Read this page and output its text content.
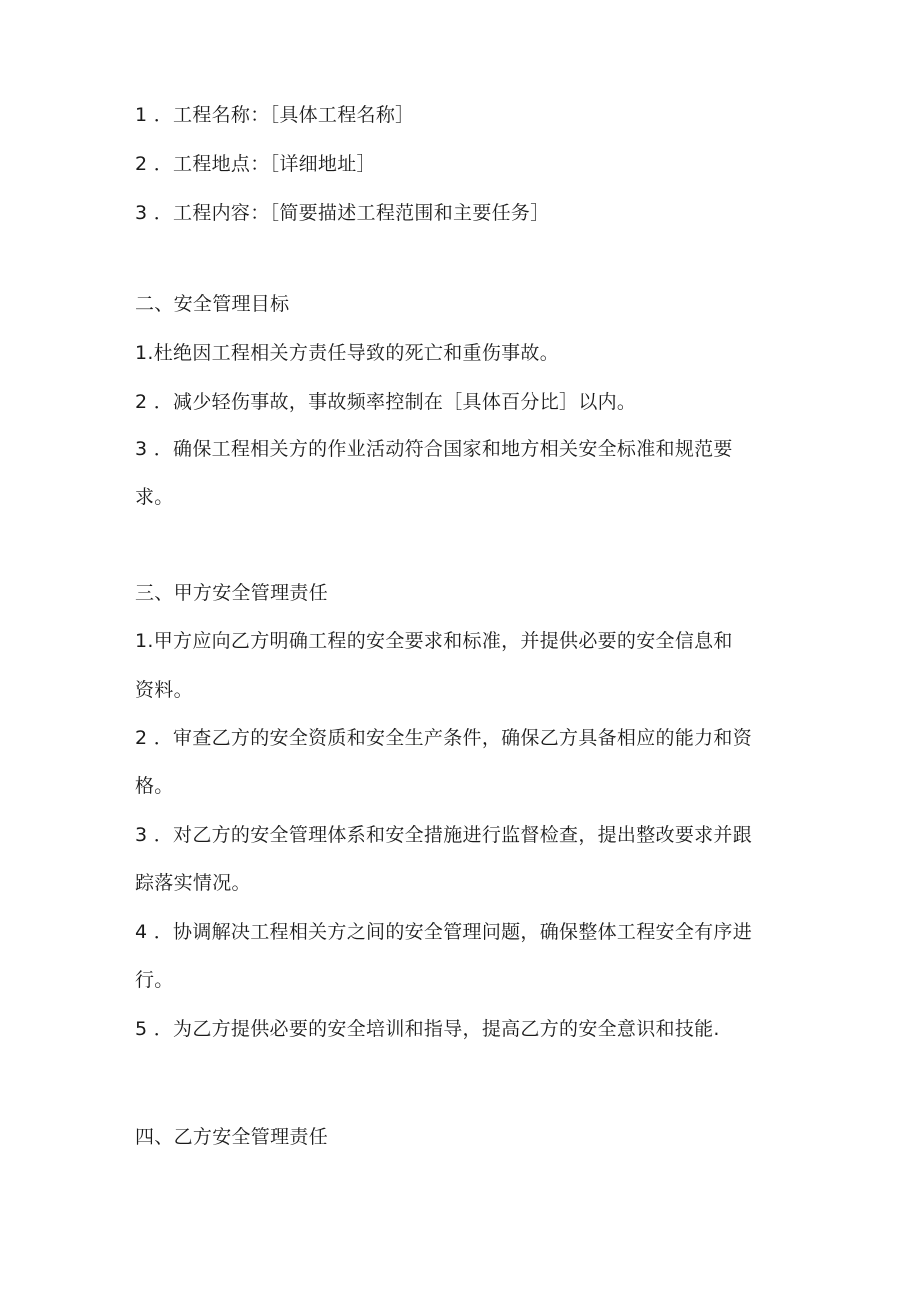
1 ．工程名称：［具体工程名称］
2 ．工程地点：［详细地址］
3 ．工程内容：［简要描述工程范围和主要任务］
二、安全管理目标
1.杜绝因工程相关方责任导致的死亡和重伤事故。
2 ．减少轻伤事故，事故频率控制在［具体百分比］以内。
3 ．确保工程相关方的作业活动符合国家和地方相关安全标准和规范要
求。
三、甲方安全管理责任
1.甲方应向乙方明确工程的安全要求和标准，并提供必要的安全信息和
资料。
2 ．审查乙方的安全资质和安全生产条件，确保乙方具备相应的能力和资
格。
3 ．对乙方的安全管理体系和安全措施进行监督检查，提出整改要求并跟
踪落实情况。
4 ．协调解决工程相关方之间的安全管理问题，确保整体工程安全有序进
行。
5 ．为乙方提供必要的安全培训和指导，提高乙方的安全意识和技能.
四、乙方安全管理责任
